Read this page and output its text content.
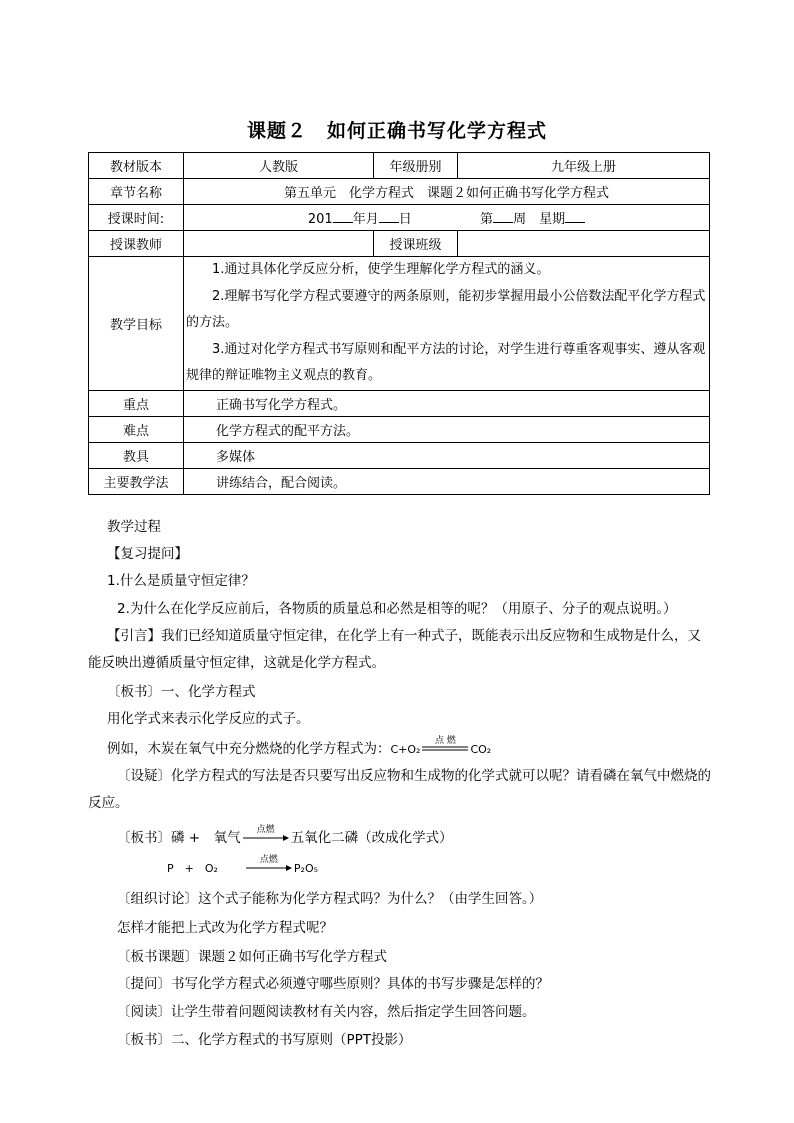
课题２　如何正确书写化学方程式
教材版本	人教版	年级册别	九年级上册
章节名称	第五单元　化学方程式　课题２如何正确书写化学方程式		
授课时间:	201 年月 日 第 周　星期		
授课教师		授课班级	
教学目标	1.通过具体化学反应分析，使学生理解化学方程式的涵义。
2.理解书写化学方程式要遵守的两条原则，能初步掌握用最小公倍数法配平化学方程式的方法。
3.通过对化学方程式书写原则和配平方法的讨论，对学生进行尊重客观事实、遵从客观规律的辩证唯物主义观点的教育。		

重点	正确书写化学方程式。		
难点	化学方程式的配平方法。		
教具	多媒体		
主要教学法	讲练结合，配合阅读。		
教学过程
【复习提问】
1.什么是质量守恒定律？
2.为什么在化学反应前后，各物质的质量总和必然是相等的呢？（用原子、分子的观点说明。）
【引言】我们已经知道质量守恒定律，在化学上有一种式子，既能表示出反应物和生成物是什么，又
能反映出遵循质量守恒定律，这就是化学方程式。
〔板书〕一、化学方程式
用化学式来表示化学反应的式子。
例如，木炭在氧气中充分燃烧的化学方程式为：C+O₂
点 燃
CO₂
〔设疑〕化学方程式的写法是否只要写出反应物和生成物的化学式就可以呢？请看磷在氧气中燃烧的
反应。
〔板书〕磷 +　氧气	点燃	五氧化二磷（改成化学式）
P　+　O₂
点燃
P₂O₅
〔组织讨论〕这个式子能称为化学方程式吗？为什么？（由学生回答。）
怎样才能把上式改为化学方程式呢？
〔板书课题〕课题２如何正确书写化学方程式
〔提问〕书写化学方程式必须遵守哪些原则？具体的书写步骤是怎样的？
〔阅读〕让学生带着问题阅读教材有关内容，然后指定学生回答问题。
〔板书〕二、化学方程式的书写原则（PPT投影）
